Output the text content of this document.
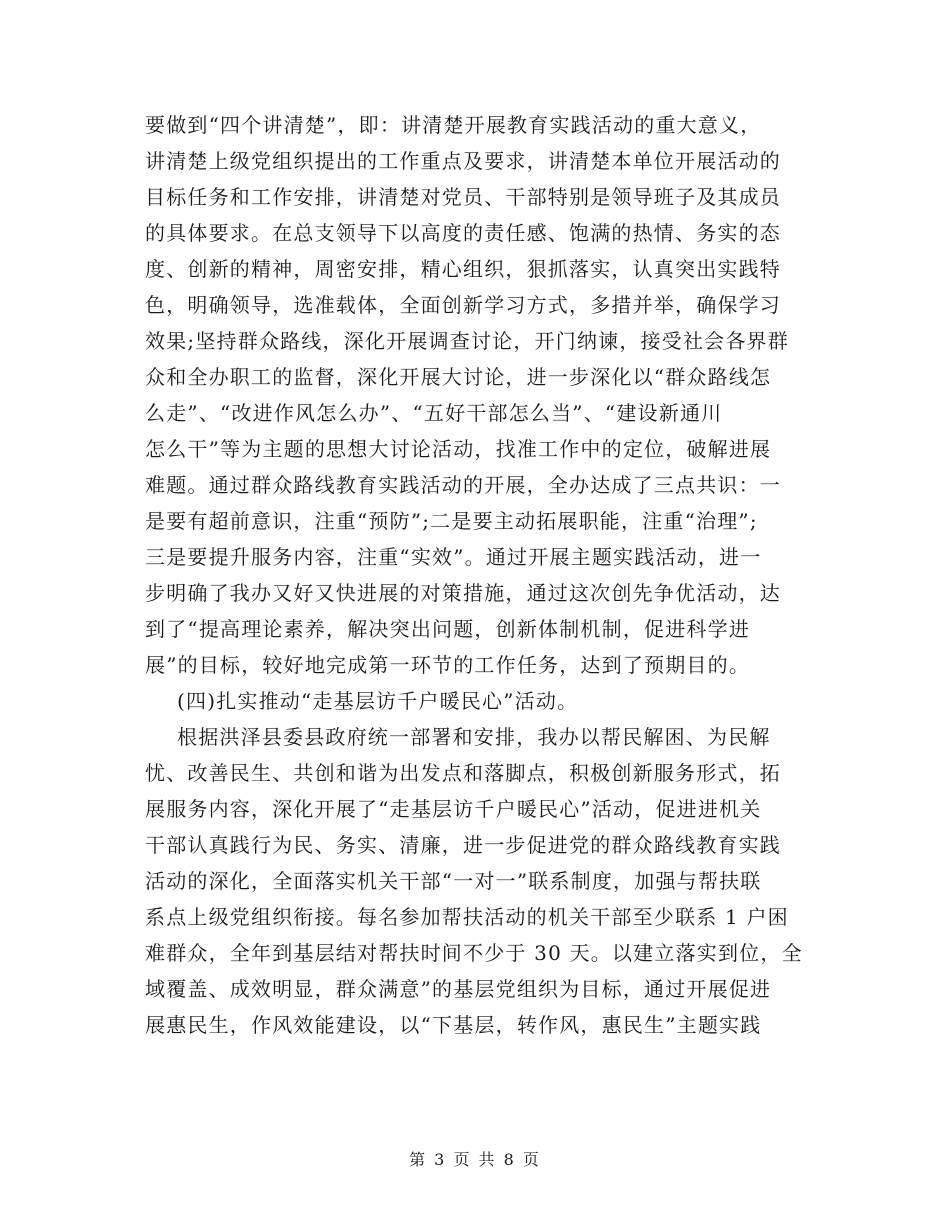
要做到“四个讲清楚”，即：讲清楚开展教育实践活动的重大意义，
讲清楚上级党组织提出的工作重点及要求，讲清楚本单位开展活动的
目标任务和工作安排，讲清楚对党员、干部特别是领导班子及其成员
的具体要求。在总支领导下以高度的责任感、饱满的热情、务实的态
度、创新的精神，周密安排，精心组织，狠抓落实，认真突出实践特
色，明确领导，选准载体，全面创新学习方式，多措并举，确保学习
效果;坚持群众路线，深化开展调查讨论，开门纳谏，接受社会各界群
众和全办职工的监督，深化开展大讨论，进一步深化以“群众路线怎
么走”、“改进作风怎么办”、“五好干部怎么当”、“建设新通川
怎么干”等为主题的思想大讨论活动，找准工作中的定位，破解进展
难题。通过群众路线教育实践活动的开展，全办达成了三点共识：一
是要有超前意识，注重“预防”;二是要主动拓展职能，注重“治理”;
三是要提升服务内容，注重“实效”。通过开展主题实践活动，进一
步明确了我办又好又快进展的对策措施，通过这次创先争优活动，达
到了“提高理论素养，解决突出问题，创新体制机制，促进科学进
展”的目标，较好地完成第一环节的工作任务，达到了预期目的。
(四)扎实推动“走基层访千户暖民心”活动。
根据洪泽县委县政府统一部署和安排，我办以帮民解困、为民解
忧、改善民生、共创和谐为出发点和落脚点，积极创新服务形式，拓
展服务内容，深化开展了“走基层访千户暖民心”活动，促进进机关
干部认真践行为民、务实、清廉，进一步促进党的群众路线教育实践
活动的深化，全面落实机关干部“一对一”联系制度，加强与帮扶联
系点上级党组织衔接。每名参加帮扶活动的机关干部至少联系 1 户困
难群众，全年到基层结对帮扶时间不少于 30 天。以建立落实到位，全
域覆盖、成效明显，群众满意”的基层党组织为目标，通过开展促进
展惠民生，作风效能建设，以“下基层，转作风，惠民生”主题实践
第 3 页 共 8 页
